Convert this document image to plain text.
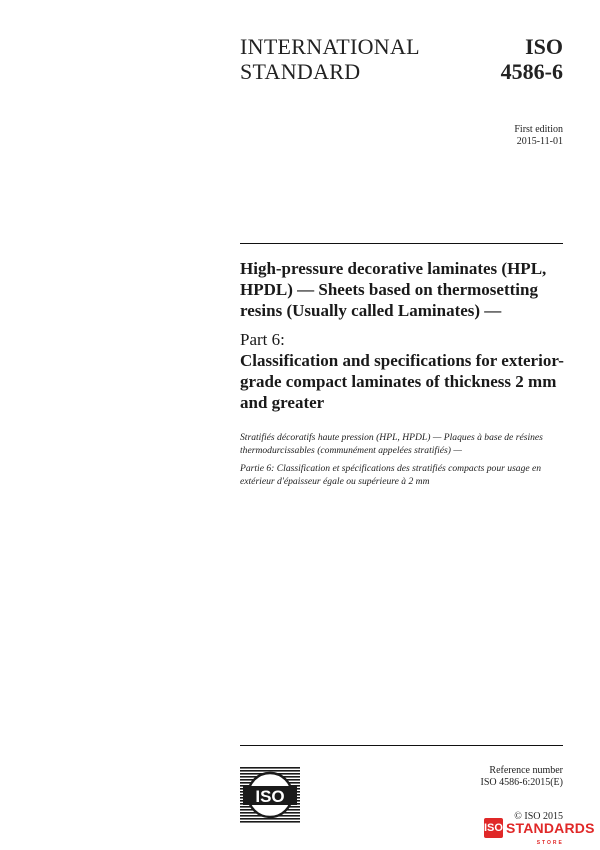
INTERNATIONAL
STANDARD
ISO
4586-6
First edition
2015-11-01

High-pressure decorative laminates (HPL, HPDL) — Sheets based on thermosetting resins (Usually called Laminates) —

Part 6:

Classification and specifications for exterior-grade compact laminates of thickness 2 mm and greater

Stratifiés décoratifs haute pression (HPL, HPDL) — Plaques à base de résines thermodurcissables (communément appelées stratifiés) —

Partie 6: Classification et spécifications des stratifiés compacts pour usage en extérieur d'épaisseur égale ou supérieure à 2 mm

Reference number
ISO 4586-6:2015(E)
ISO
© ISO 2015
ISO STANDARDS
STORE
